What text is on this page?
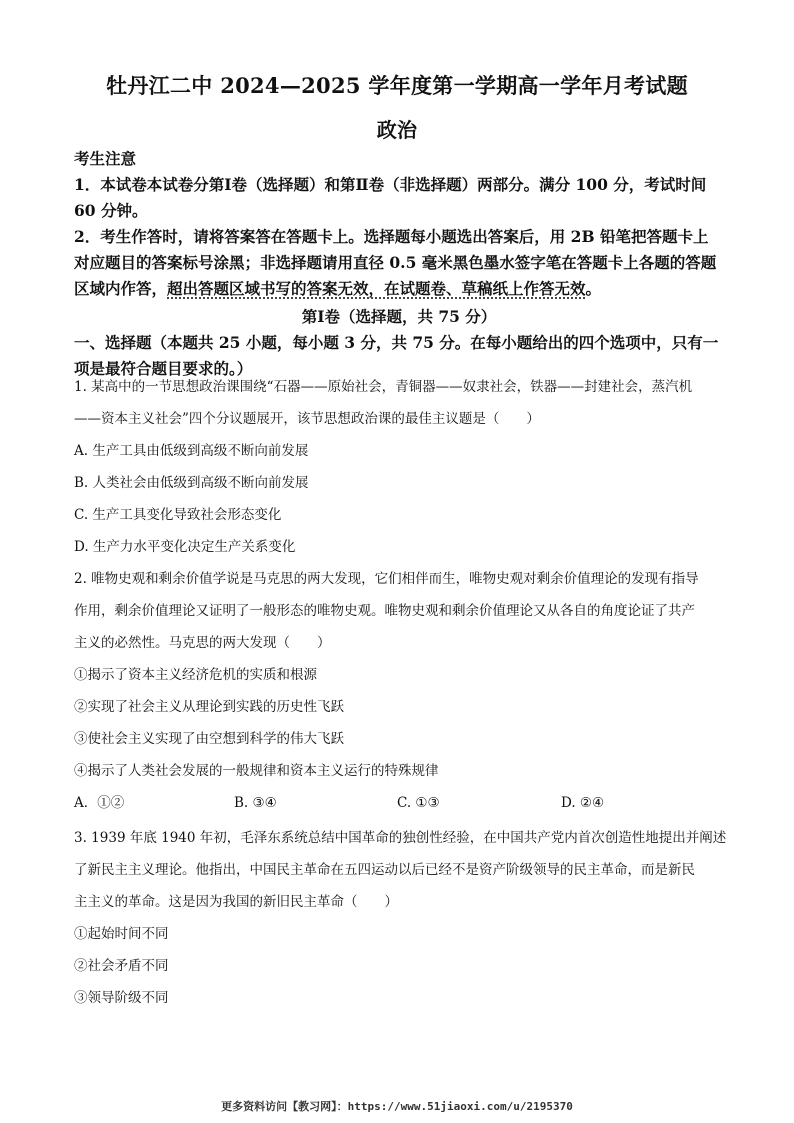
牡丹江二中 2024—2025 学年度第一学期高一学年月考试题
政治
考生注意
1．本试卷本试卷分第Ⅰ卷（选择题）和第Ⅱ卷（非选择题）两部分。满分 100 分，考试时间
60 分钟。
2．考生作答时，请将答案答在答题卡上。选择题每小题选出答案后，用 2B 铅笔把答题卡上
对应题目的答案标号涂黑；非选择题请用直径 0.5 毫米黑色墨水签字笔在答题卡上各题的答题
区域内作答，超出答题区域书写的答案无效，在试题卷、草稿纸上作答无效。
第Ⅰ卷（选择题，共 75 分）
一、选择题（本题共 25 小题，每小题 3 分，共 75 分。在每小题给出的四个选项中，只有一
项是最符合题目要求的。）
1. 某高中的一节思想政治课围绕“石器——原始社会，青铜器——奴隶社会，铁器——封建社会，蒸汽机
——资本主义社会”四个分议题展开，该节思想政治课的最佳主议题是（　　）
A. 生产工具由低级到高级不断向前发展
B. 人类社会由低级到高级不断向前发展
C. 生产工具变化导致社会形态变化
D. 生产力水平变化决定生产关系变化
2. 唯物史观和剩余价值学说是马克思的两大发现，它们相伴而生，唯物史观对剩余价值理论的发现有指导
作用，剩余价值理论又证明了一般形态的唯物史观。唯物史观和剩余价值理论又从各自的角度论证了共产
主义的必然性。马克思的两大发现（　　）
①揭示了资本主义经济危机的实质和根源
②实现了社会主义从理论到实践的历史性飞跃
③使社会主义实现了由空想到科学的伟大飞跃
④揭示了人类社会发展的一般规律和资本主义运行的特殊规律
A．①②	B. ③④	C. ①③	D. ②④
3. 1939 年底 1940 年初，毛泽东系统总结中国革命的独创性经验，在中国共产党内首次创造性地提出并阐述
了新民主主义理论。他指出，中国民主革命在五四运动以后已经不是资产阶级领导的民主革命，而是新民
主主义的革命。这是因为我国的新旧民主革命（　　）
①起始时间不同
②社会矛盾不同
③领导阶级不同
更多资料访问【教习网】：https://www.51jiaoxi.com/u/2195370
